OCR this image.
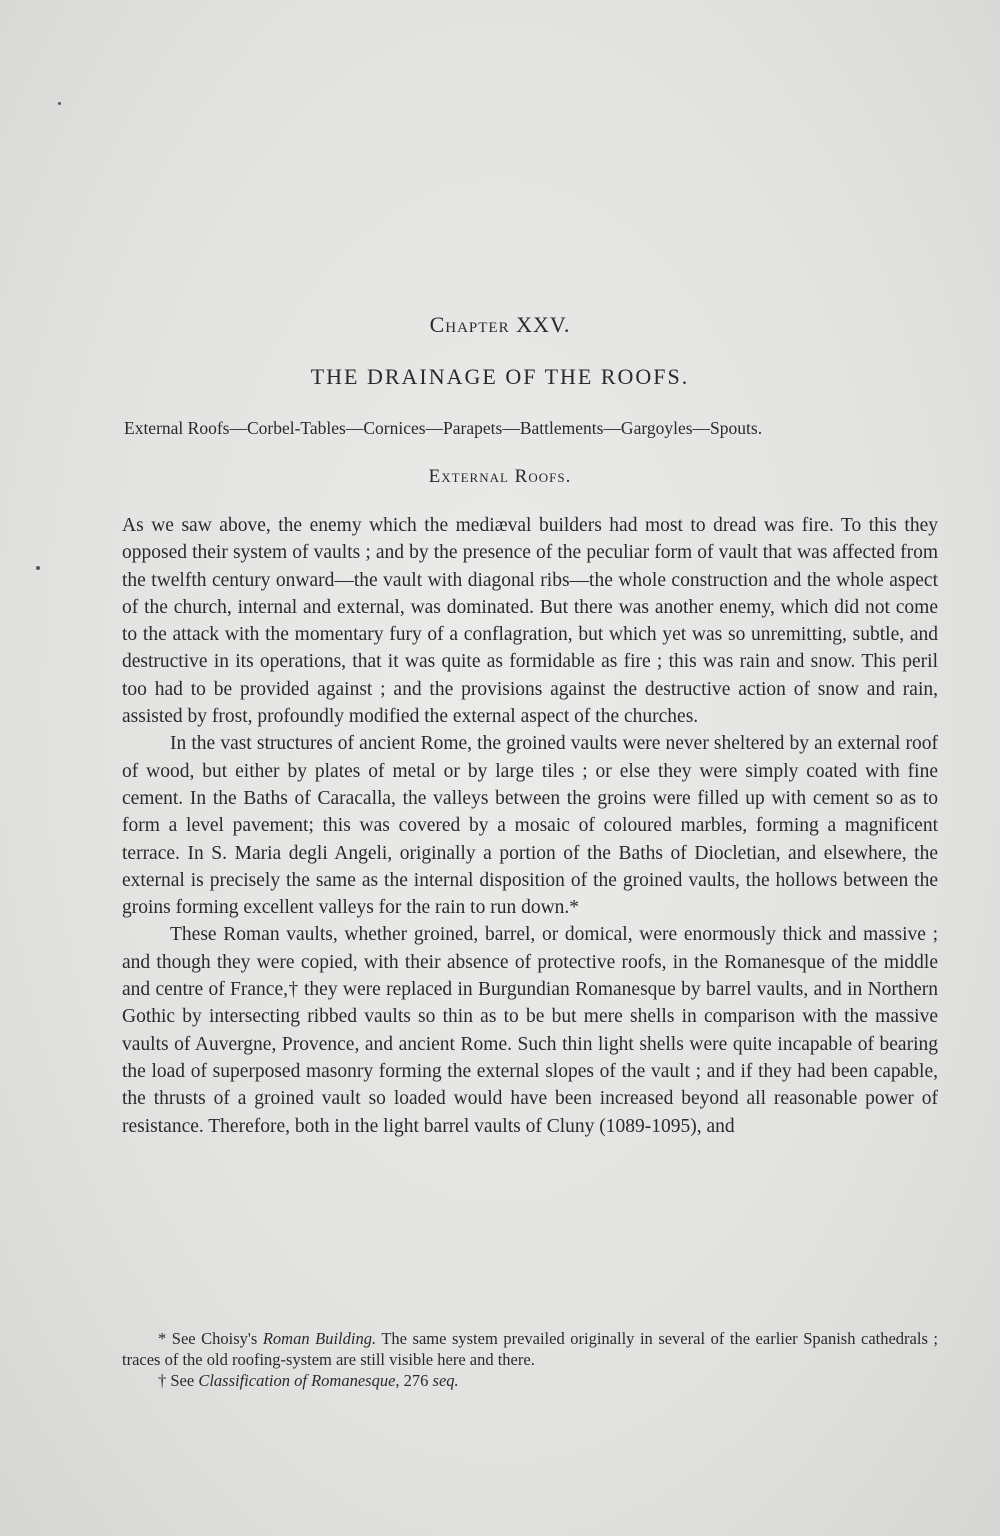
Chapter XXV.
THE DRAINAGE OF THE ROOFS.
External Roofs—Corbel-Tables—Cornices—Parapets—Battlements—Gargoyles—Spouts.
External Roofs.

As we saw above, the enemy which the mediæval builders had most to dread was fire. To this they opposed their system of vaults ; and by the presence of the peculiar form of vault that was affected from the twelfth century onward—the vault with diagonal ribs—the whole construction and the whole aspect of the church, internal and external, was dominated. But there was another enemy, which did not come to the attack with the momentary fury of a conflagration, but which yet was so unremitting, subtle, and destructive in its operations, that it was quite as formidable as fire ; this was rain and snow. This peril too had to be provided against ; and the provisions against the destructive action of snow and rain, assisted by frost, profoundly modified the external aspect of the churches.

In the vast structures of ancient Rome, the groined vaults were never sheltered by an external roof of wood, but either by plates of metal or by large tiles ; or else they were simply coated with fine cement. In the Baths of Caracalla, the valleys between the groins were filled up with cement so as to form a level pavement; this was covered by a mosaic of coloured marbles, forming a magnificent terrace. In S. Maria degli Angeli, originally a portion of the Baths of Diocletian, and elsewhere, the external is precisely the same as the internal disposition of the groined vaults, the hollows between the groins forming excellent valleys for the rain to run down.*

These Roman vaults, whether groined, barrel, or domical, were enormously thick and massive ; and though they were copied, with their absence of protective roofs, in the Romanesque of the middle and centre of France,† they were replaced in Burgundian Romanesque by barrel vaults, and in Northern Gothic by intersecting ribbed vaults so thin as to be but mere shells in comparison with the massive vaults of Auvergne, Provence, and ancient Rome. Such thin light shells were quite incapable of bearing the load of superposed masonry forming the external slopes of the vault ; and if they had been capable, the thrusts of a groined vault so loaded would have been increased beyond all reasonable power of resistance. Therefore, both in the light barrel vaults of Cluny (1089-1095), and

* See Choisy's Roman Building. The same system prevailed originally in several of the earlier Spanish cathedrals ; traces of the old roofing-system are still visible here and there.

† See Classification of Romanesque, 276 seq.
